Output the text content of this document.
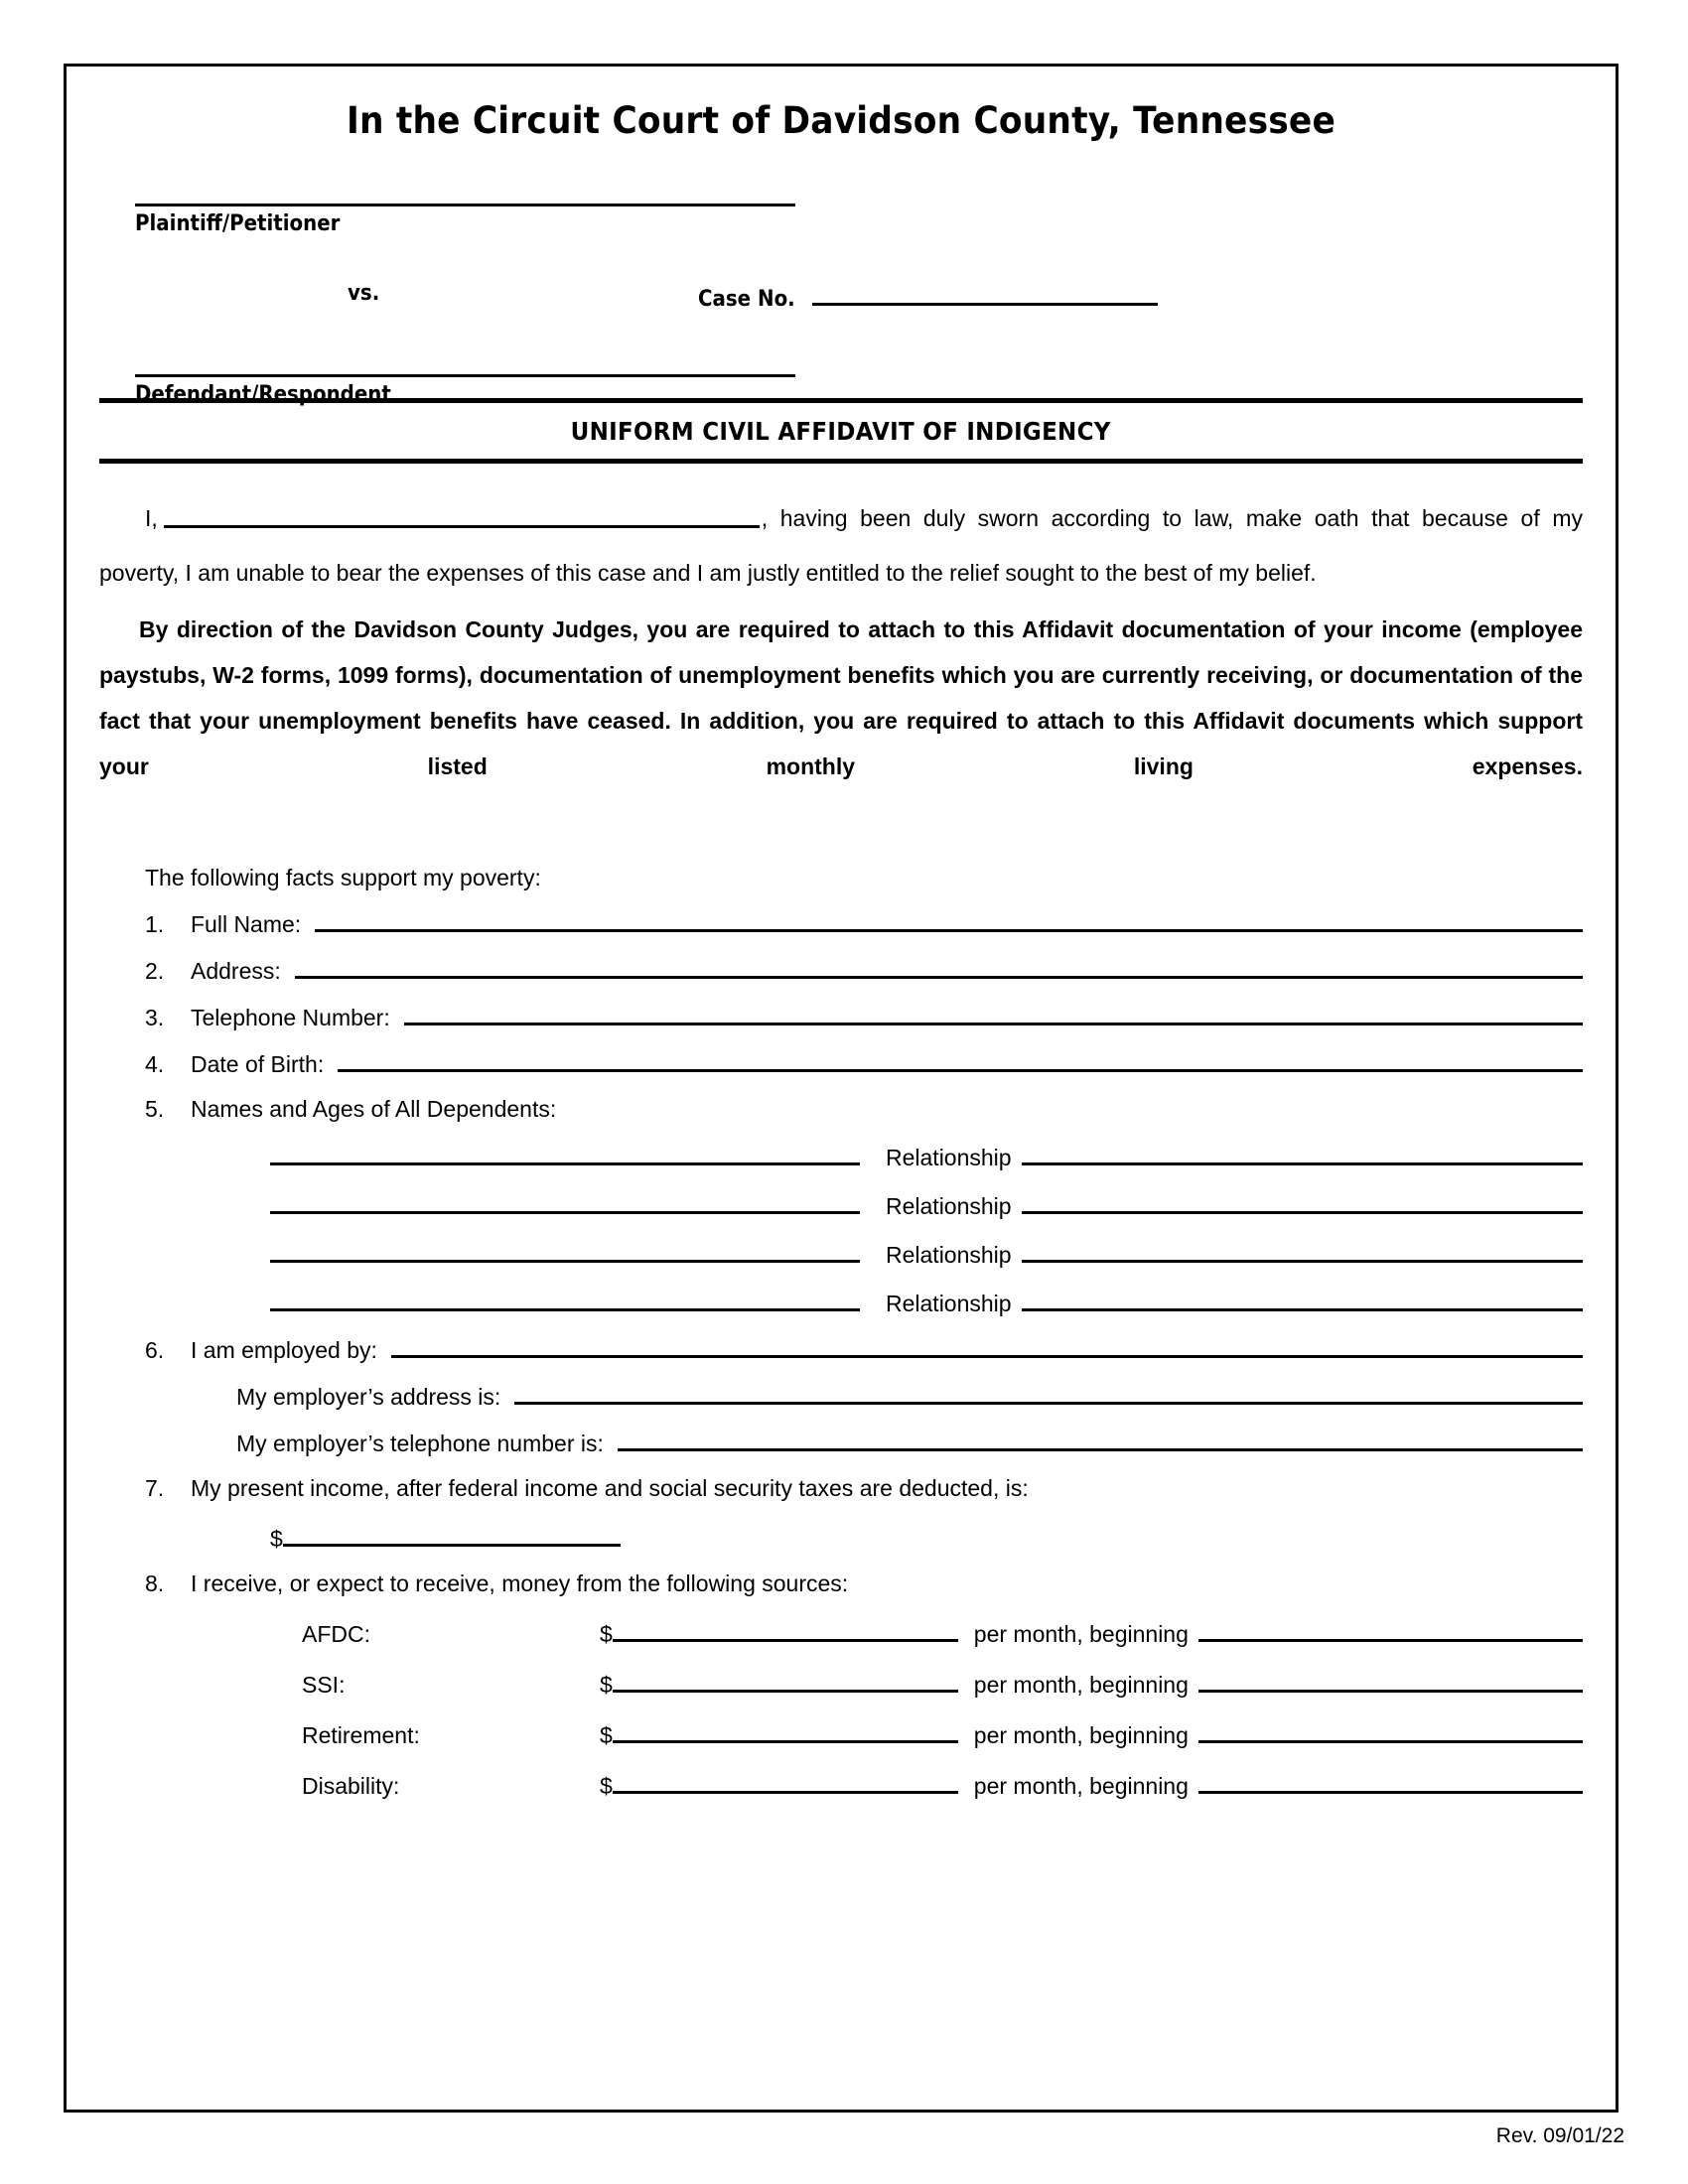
In the Circuit Court of Davidson County, Tennessee
Plaintiff/Petitioner
vs.	Case No.
Defendant/Respondent
UNIFORM CIVIL AFFIDAVIT OF INDIGENCY
I,	, having been duly sworn according to law, make oath that because of my poverty, I am unable to bear the expenses of this case and I am justly entitled to the relief sought to the best of my belief.
By direction of the Davidson County Judges, you are required to attach to this Affidavit documentation of your income (employee paystubs, W-2 forms, 1099 forms), documentation of unemployment benefits which you are currently receiving, or documentation of the fact that your unemployment benefits have ceased. In addition, you are required to attach to this Affidavit documents which support your listed monthly living expenses.
The following facts support my poverty:
1.	Full Name:
2.	Address:
3.	Telephone Number:
4.	Date of Birth:
5.	Names and Ages of All Dependents:
Relationship
Relationship
Relationship
Relationship
6.	I am employed by:
My employer’s address is:
My employer’s telephone number is:
7.	My present income, after federal income and social security taxes are deducted, is:
$
8.	I receive, or expect to receive, money from the following sources:
AFDC:	$	per month, beginning
SSI:	$	per month, beginning
Retirement:	$	per month, beginning
Disability:	$	per month, beginning
Rev. 09/01/22
